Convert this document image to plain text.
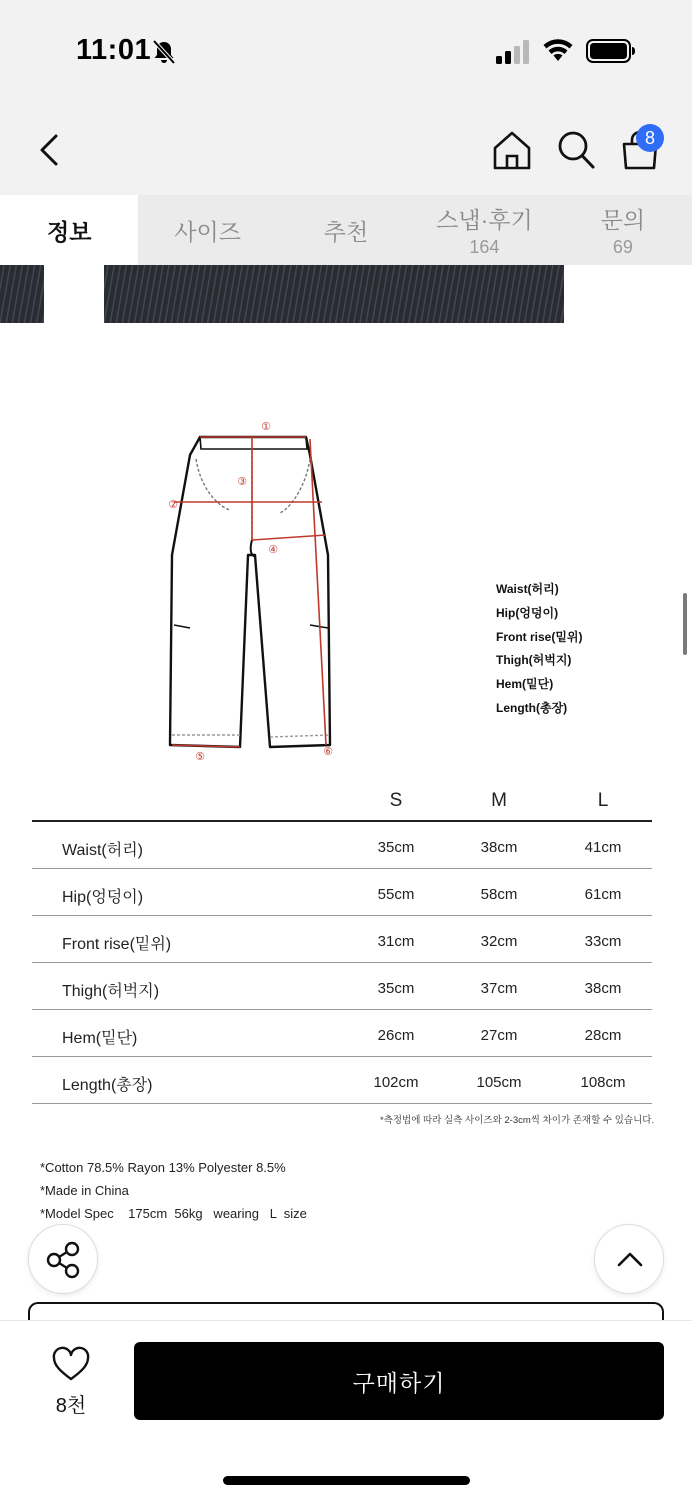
11:01
8
정보	사이즈	추천	스냅·후기
164
문의
69
①
②
③
④
⑤	⑥
Waist(허리)
Hip(엉덩이)
Front rise(밑위)
Thigh(허벅지)
Hem(밑단)
Length(총장)
S	M	L
Waist(허리)	35cm	38cm	41cm
Hip(엉덩이)	55cm	58cm	61cm
Front rise(밑위)	31cm	32cm	33cm
Thigh(허벅지)	35cm	37cm	38cm
Hem(밑단)	26cm	27cm	28cm
Length(총장)	102cm	105cm	108cm
*측정법에 따라 실측 사이즈와 2-3cm씩 차이가 존재할 수 있습니다.
*Cotton 78.5% Rayon 13% Polyester 8.5%
*Made in China
*Model Spec    175cm  56kg   wearing   L  size
8천
구매하기
